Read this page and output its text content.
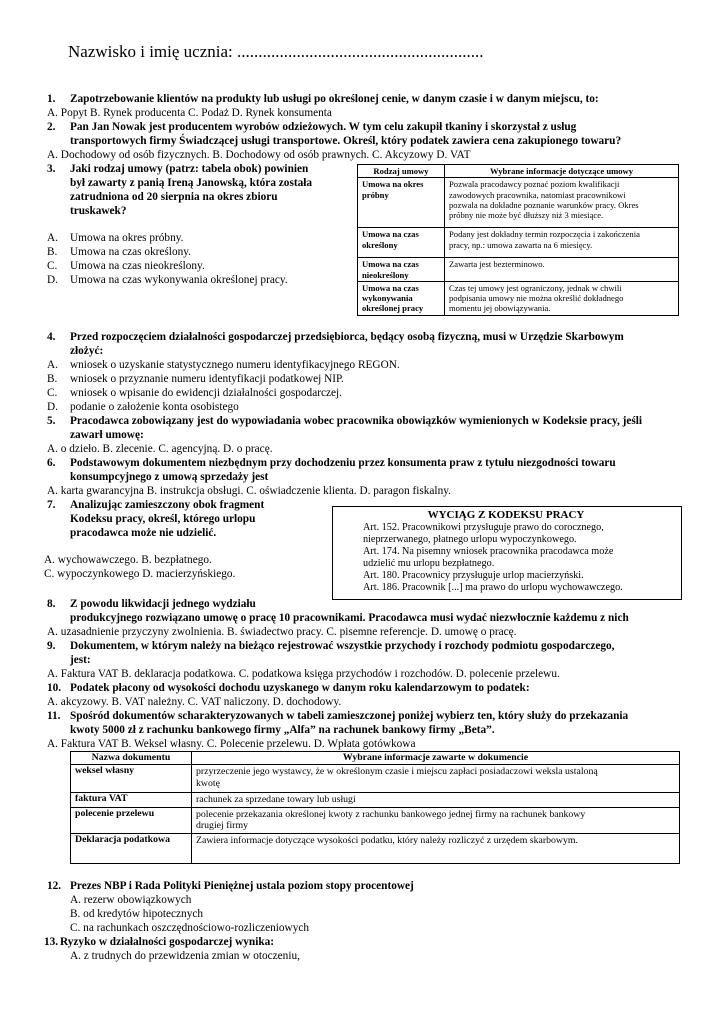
Nazwisko i imię ucznia: ..........................................................
1. Zapotrzebowanie klientów na produkty lub usługi po określonej cenie, w danym czasie i w danym miejscu, to:
A. Popyt B. Rynek producenta C. Podaż D. Rynek konsumenta
2. Pan Jan Nowak jest producentem wyrobów odzieżowych. W tym celu zakupił tkaniny i skorzystał z usług
transportowych firmy Świadczącej usługi transportowe. Określ, który podatek zawiera cena zakupionego towaru?
A. Dochodowy od osób fizycznych. B. Dochodowy od osób prawnych. C. Akcyzowy D. VAT
3. Jaki rodzaj umowy (patrz: tabela obok) powinien
był zawarty z panią Ireną Janowską, która została
zatrudniona od 20 sierpnia na okres zbioru
truskawek?
A. Umowa na okres próbny.
B. Umowa na czas określony.
C. Umowa na czas nieokreślony.
D. Umowa na czas wykonywania określonej pracy.
Rodzaj umowy	Wybrane informacje dotyczące umowy
Umowa na okres
próbny	Pozwala pracodawcy poznać poziom kwalifikacji
zawodowych pracownika, natomiast pracownikowi
pozwala na dokładne poznanie warunków pracy. Okres
próbny nie może być dłuższy niż 3 miesiące.
Umowa na czas
określony	Podany jest dokładny termin rozpoczęcia i zakończenia
pracy, np.: umowa zawarta na 6 miesięcy.
Umowa na czas
nieokreślony	Zawarta jest bezterminowo.
Umowa na czas
wykonywania
określonej pracy	Czas tej umowy jest ograniczony, jednak w chwili
podpisania umowy nie można określić dokładnego
momentu jej obowiązywania.
4. Przed rozpoczęciem działalności gospodarczej przedsiębiorca, będący osobą fizyczną, musi w Urzędzie Skarbowym
złożyć:
A. wniosek o uzyskanie statystycznego numeru identyfikacyjnego REGON.
B. wniosek o przyznanie numeru identyfikacji podatkowej NIP.
C. wniosek o wpisanie do ewidencji działalności gospodarczej.
D. podanie o założenie konta osobistego
5. Pracodawca zobowiązany jest do wypowiadania wobec pracownika obowiązków wymienionych w Kodeksie pracy, jeśli
zawarł umowę:
A. o dzieło. B. zlecenie. C. agencyjną. D. o pracę.
6. Podstawowym dokumentem niezbędnym przy dochodzeniu przez konsumenta praw z tytułu niezgodności towaru
konsumpcyjnego z umową sprzedaży jest
A. karta gwarancyjna B. instrukcja obsługi. C. oświadczenie klienta. D. paragon fiskalny.
7. Analizując zamieszczony obok fragment
Kodeksu pracy, określ, którego urlopu
pracodawca może nie udzielić.
A. wychowawczego. B. bezpłatnego.
C. wypoczynkowego D. macierzyńskiego.
WYCIĄG Z KODEKSU PRACY
Art. 152. Pracownikowi przysługuje prawo do corocznego,
nieprzerwanego, płatnego urlopu wypoczynkowego.
Art. 174. Na pisemny wniosek pracownika pracodawca może
udzielić mu urlopu bezpłatnego.
Art. 180. Pracownicy przysługuje urlop macierzyński.
Art. 186. Pracownik [...] ma prawo do urlopu wychowawczego.
8. Z powodu likwidacji jednego wydziału
produkcyjnego rozwiązano umowę o pracę 10 pracownikami. Pracodawca musi wydać niezwłocznie każdemu z nich
A. uzasadnienie przyczyny zwolnienia. B. świadectwo pracy. C. pisemne referencje. D. umowę o pracę.
9. Dokumentem, w którym należy na bieżąco rejestrować wszystkie przychody i rozchody podmiotu gospodarczego,
jest:
A. Faktura VAT B. deklaracja podatkowa. C. podatkowa księga przychodów i rozchodów. D. polecenie przelewu.
10. Podatek płacony od wysokości dochodu uzyskanego w danym roku kalendarzowym to podatek:
A. akcyzowy. B. VAT należny. C. VAT naliczony. D. dochodowy.
11. Spośród dokumentów scharakteryzowanych w tabeli zamieszczonej poniżej wybierz ten, który służy do przekazania
kwoty 5000 zł z rachunku bankowego firmy „Alfa” na rachunek bankowy firmy „Beta”.
A. Faktura VAT B. Weksel własny. C. Polecenie przelewu. D. Wpłata gotówkowa
Nazwa dokumentu	Wybrane informacje zawarte w dokumencie
weksel własny	przyrzeczenie jego wystawcy, że w określonym czasie i miejscu zapłaci posiadaczowi weksla ustaloną
kwotę
faktura VAT	rachunek za sprzedane towary lub usługi
polecenie przelewu	polecenie przekazania określonej kwoty z rachunku bankowego jednej firmy na rachunek bankowy
drugiej firmy
Deklaracja podatkowa	Zawiera informacje dotyczące wysokości podatku, który należy rozliczyć z urzędem skarbowym.
12. Prezes NBP i Rada Polityki Pieniężnej ustala poziom stopy procentowej
A. rezerw obowiązkowych
B. od kredytów hipotecznych
C. na rachunkach oszczędnościowo-rozliczeniowych
13. Ryzyko w działalności gospodarczej wynika:
A. z trudnych do przewidzenia zmian w otoczeniu,
